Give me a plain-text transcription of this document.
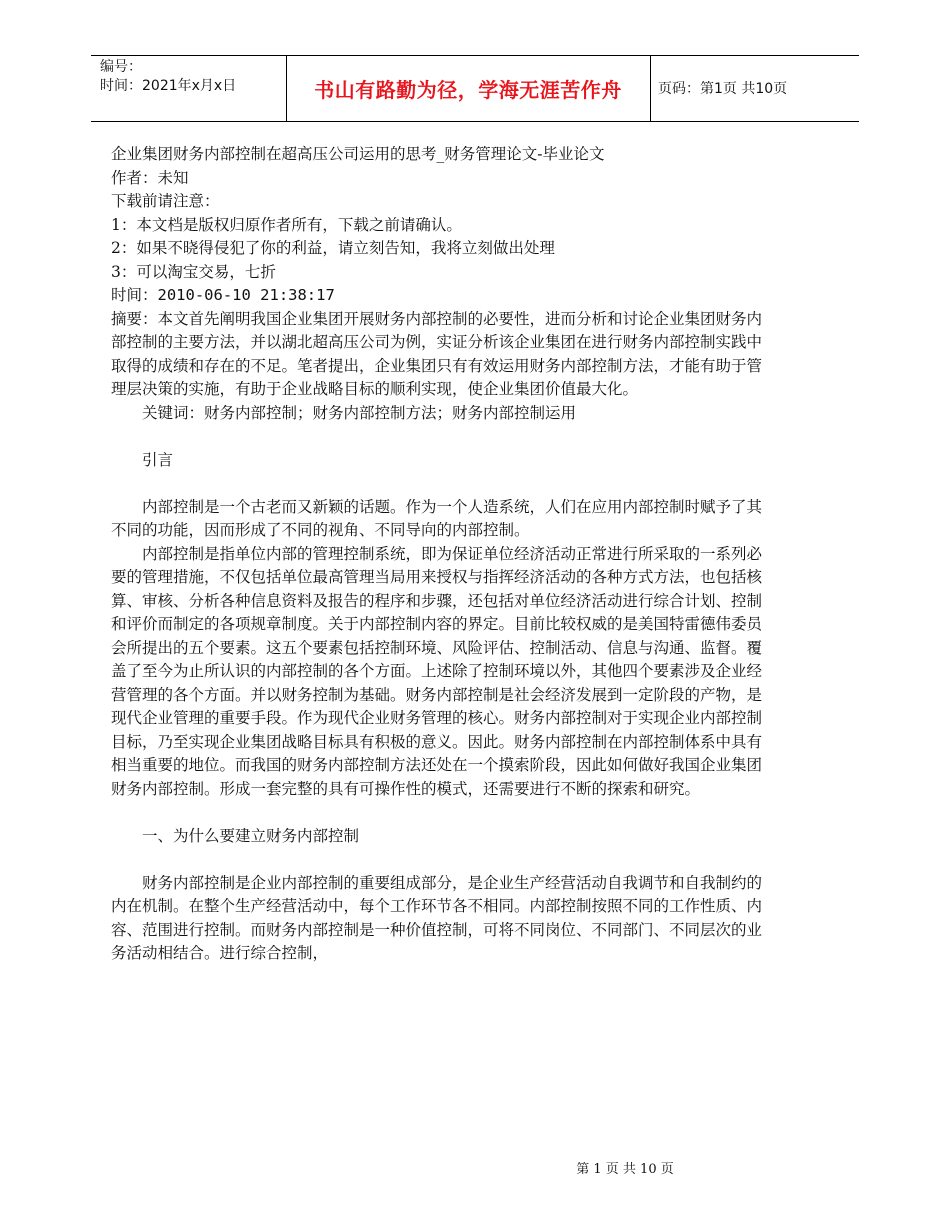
编号：
时间：2021年x月x日	书山有路勤为径，学海无涯苦作舟	页码：第1页 共10页

企业集团财务内部控制在超高压公司运用的思考_财务管理论文-毕业论文

作者：未知

下载前请注意：

1：本文档是版权归原作者所有，下载之前请确认。

2：如果不晓得侵犯了你的利益，请立刻告知，我将立刻做出处理

3：可以淘宝交易，七折

时间：2010-06-10 21:38:17

摘要：本文首先阐明我国企业集团开展财务内部控制的必要性，进而分析和讨论企业集团财务内部控制的主要方法，并以湖北超高压公司为例，实证分析该企业集团在进行财务内部控制实践中取得的成绩和存在的不足。笔者提出，企业集团只有有效运用财务内部控制方法，才能有助于管理层决策的实施，有助于企业战略目标的顺利实现，使企业集团价值最大化。

关键词：财务内部控制；财务内部控制方法；财务内部控制运用

引言

内部控制是一个古老而又新颖的话题。作为一个人造系统，人们在应用内部控制时赋予了其不同的功能，因而形成了不同的视角、不同导向的内部控制。

内部控制是指单位内部的管理控制系统，即为保证单位经济活动正常进行所采取的一系列必要的管理措施，不仅包括单位最高管理当局用来授权与指挥经济活动的各种方式方法，也包括核算、审核、分析各种信息资料及报告的程序和步骤，还包括对单位经济活动进行综合计划、控制和评价而制定的各项规章制度。关于内部控制内容的界定。目前比较权威的是美国特雷德伟委员会所提出的五个要素。这五个要素包括控制环境、风险评估、控制活动、信息与沟通、监督。覆盖了至今为止所认识的内部控制的各个方面。上述除了控制环境以外，其他四个要素涉及企业经营管理的各个方面。并以财务控制为基础。财务内部控制是社会经济发展到一定阶段的产物，是现代企业管理的重要手段。作为现代企业财务管理的核心。财务内部控制对于实现企业内部控制目标，乃至实现企业集团战略目标具有积极的意义。因此。财务内部控制在内部控制体系中具有相当重要的地位。而我国的财务内部控制方法还处在一个摸索阶段，因此如何做好我国企业集团财务内部控制。形成一套完整的具有可操作性的模式，还需要进行不断的探索和研究。

一、为什么要建立财务内部控制

财务内部控制是企业内部控制的重要组成部分，是企业生产经营活动自我调节和自我制约的内在机制。在整个生产经营活动中，每个工作环节各不相同。内部控制按照不同的工作性质、内容、范围进行控制。而财务内部控制是一种价值控制，可将不同岗位、不同部门、不同层次的业务活动相结合。进行综合控制，

第 1 页 共 10 页
